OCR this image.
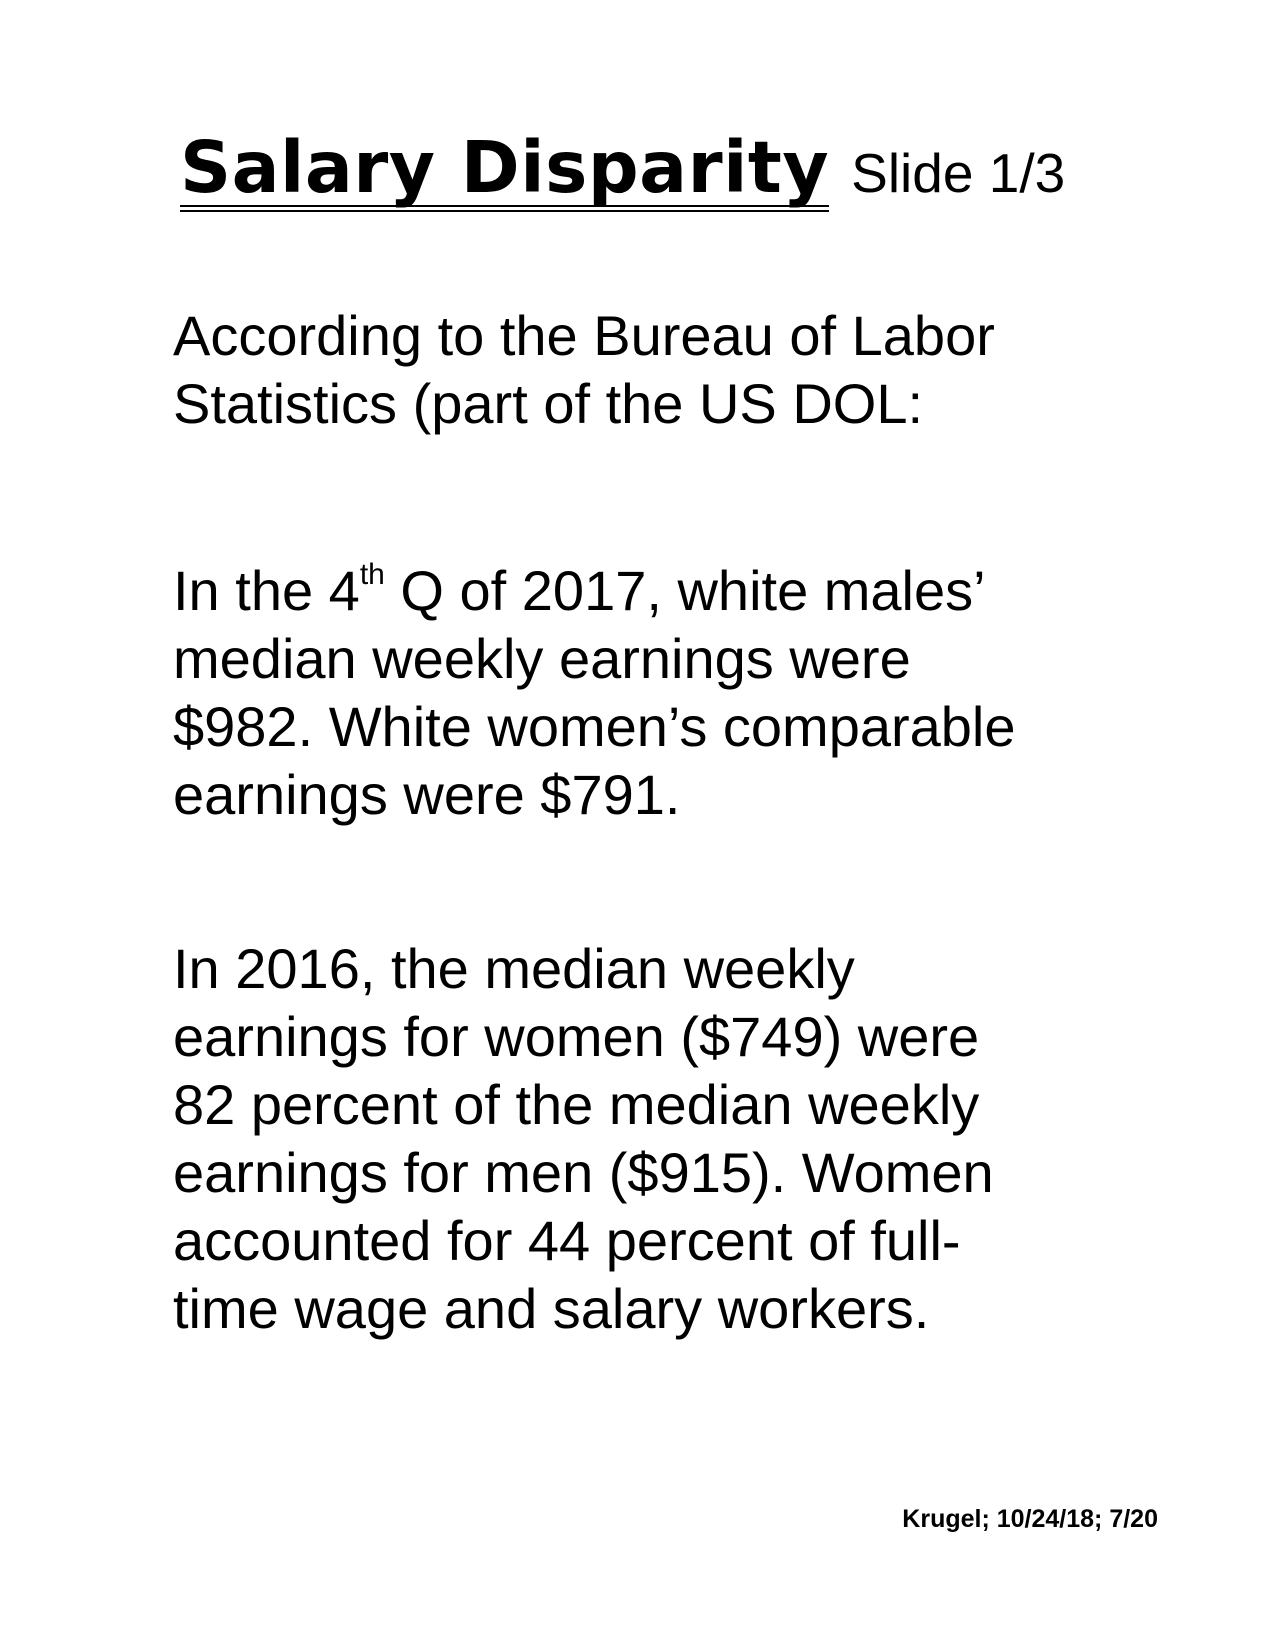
Salary Disparity Slide 1/3
According to the Bureau of Labor
Statistics (part of the US DOL:
In the 4th Q of 2017, white males’
median weekly earnings were
$982. White women’s comparable
earnings were $791.
In 2016, the median weekly
earnings for women ($749) were
82 percent of the median weekly
earnings for men ($915). Women
accounted for 44 percent of full-
time wage and salary workers.
Krugel; 10/24/18; 7/20
